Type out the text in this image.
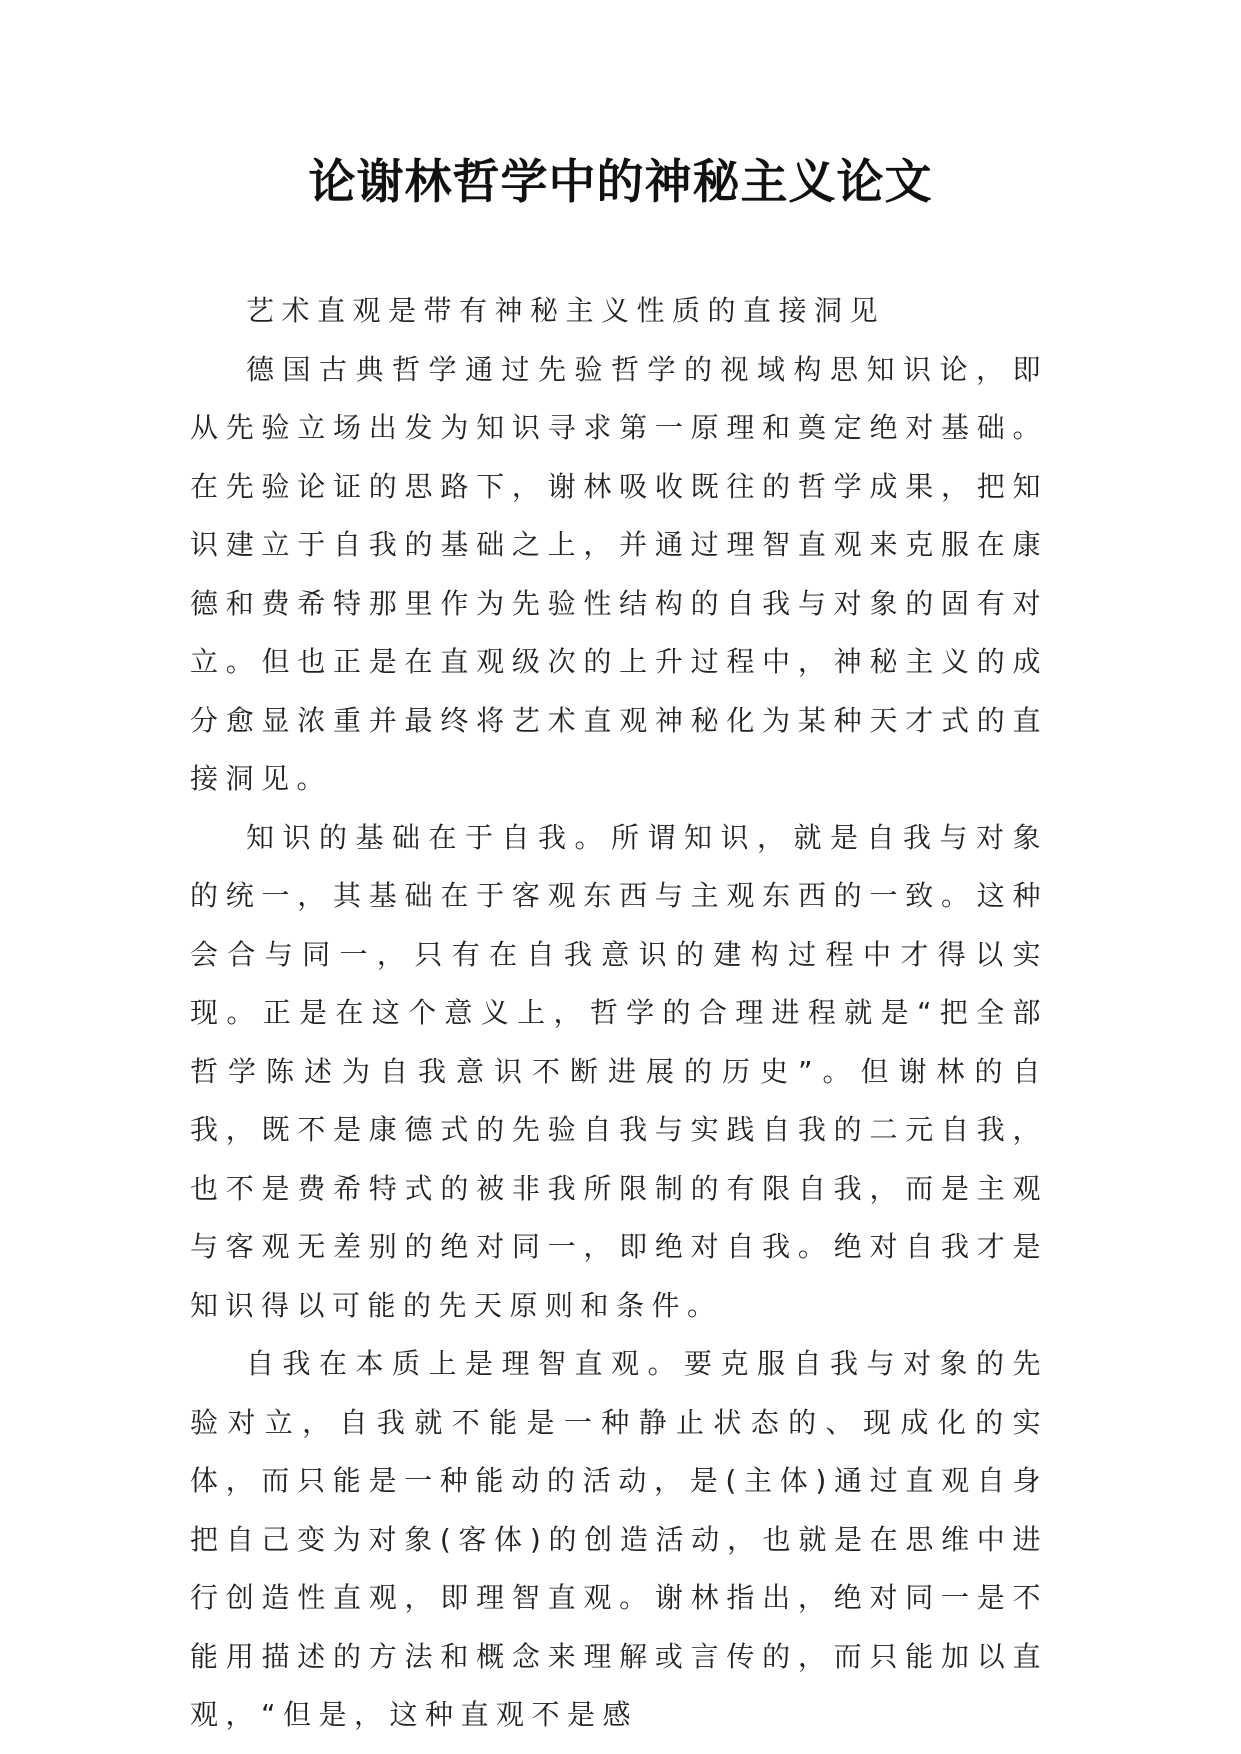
论谢林哲学中的神秘主义论文

艺术直观是带有神秘主义性质的直接洞见

德国古典哲学通过先验哲学的视域构思知识论，即从先验立场出发为知识寻求第一原理和奠定绝对基础。在先验论证的思路下，谢林吸收既往的哲学成果，把知识建立于自我的基础之上，并通过理智直观来克服在康德和费希特那里作为先验性结构的自我与对象的固有对立。但也正是在直观级次的上升过程中，神秘主义的成分愈显浓重并最终将艺术直观神秘化为某种天才式的直接洞见。

知识的基础在于自我。所谓知识，就是自我与对象的统一，其基础在于客观东西与主观东西的一致。这种会合与同一，只有在自我意识的建构过程中才得以实现。正是在这个意义上，哲学的合理进程就是“把全部哲学陈述为自我意识不断进展的历史”。但谢林的自我，既不是康德式的先验自我与实践自我的二元自我，也不是费希特式的被非我所限制的有限自我，而是主观与客观无差别的绝对同一，即绝对自我。绝对自我才是知识得以可能的先天原则和条件。

自我在本质上是理智直观。要克服自我与对象的先验对立，自我就不能是一种静止状态的、现成化的实体，而只能是一种能动的活动，是(主体)通过直观自身把自己变为对象(客体)的创造活动，也就是在思维中进行创造性直观，即理智直观。谢林指出，绝对同一是不能用描述的方法和概念来理解或言传的，而只能加以直观，“但是，这种直观不是感
